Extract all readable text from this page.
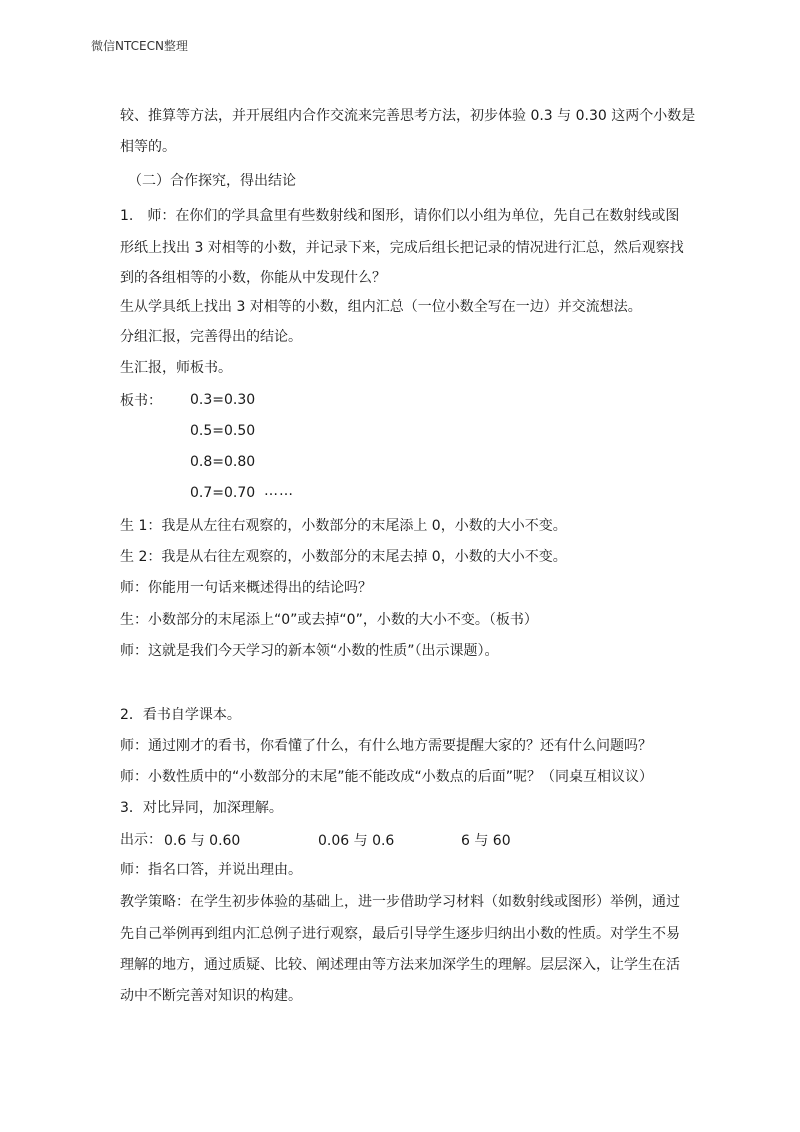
微信NTCECN整理
较、推算等方法，并开展组内合作交流来完善思考方法，初步体验 0.3 与 0.30 这两个小数是
相等的。
（二）合作探究，得出结论
1.　师：在你们的学具盒里有些数射线和图形，请你们以小组为单位，先自己在数射线或图
形纸上找出 3 对相等的小数，并记录下来，完成后组长把记录的情况进行汇总，然后观察找
到的各组相等的小数，你能从中发现什么？
生从学具纸上找出 3 对相等的小数，组内汇总（一位小数全写在一边）并交流想法。
分组汇报，完善得出的结论。
生汇报，师板书。
板书： 0.3=0.30
0.5=0.50
0.8=0.80
0.7=0.70 ……
生 1：我是从左往右观察的，小数部分的末尾添上 0，小数的大小不变。
生 2：我是从右往左观察的，小数部分的末尾去掉 0，小数的大小不变。
师：你能用一句话来概述得出的结论吗？
生：小数部分的末尾添上“0”或去掉“0”，小数的大小不变。（板书）
师：这就是我们今天学习的新本领“小数的性质”（出示课题）。
2．看书自学课本。
师：通过刚才的看书，你看懂了什么，有什么地方需要提醒大家的？还有什么问题吗？
师：小数性质中的“小数部分的末尾”能不能改成“小数点的后面”呢？（同桌互相议议）
3．对比异同，加深理解。
出示： 0.6 与 0.60	0.06 与 0.6	6 与 60
师：指名口答，并说出理由。
教学策略：在学生初步体验的基础上，进一步借助学习材料（如数射线或图形）举例，通过
先自己举例再到组内汇总例子进行观察，最后引导学生逐步归纳出小数的性质。对学生不易
理解的地方，通过质疑、比较、阐述理由等方法来加深学生的理解。层层深入，让学生在活
动中不断完善对知识的构建。
